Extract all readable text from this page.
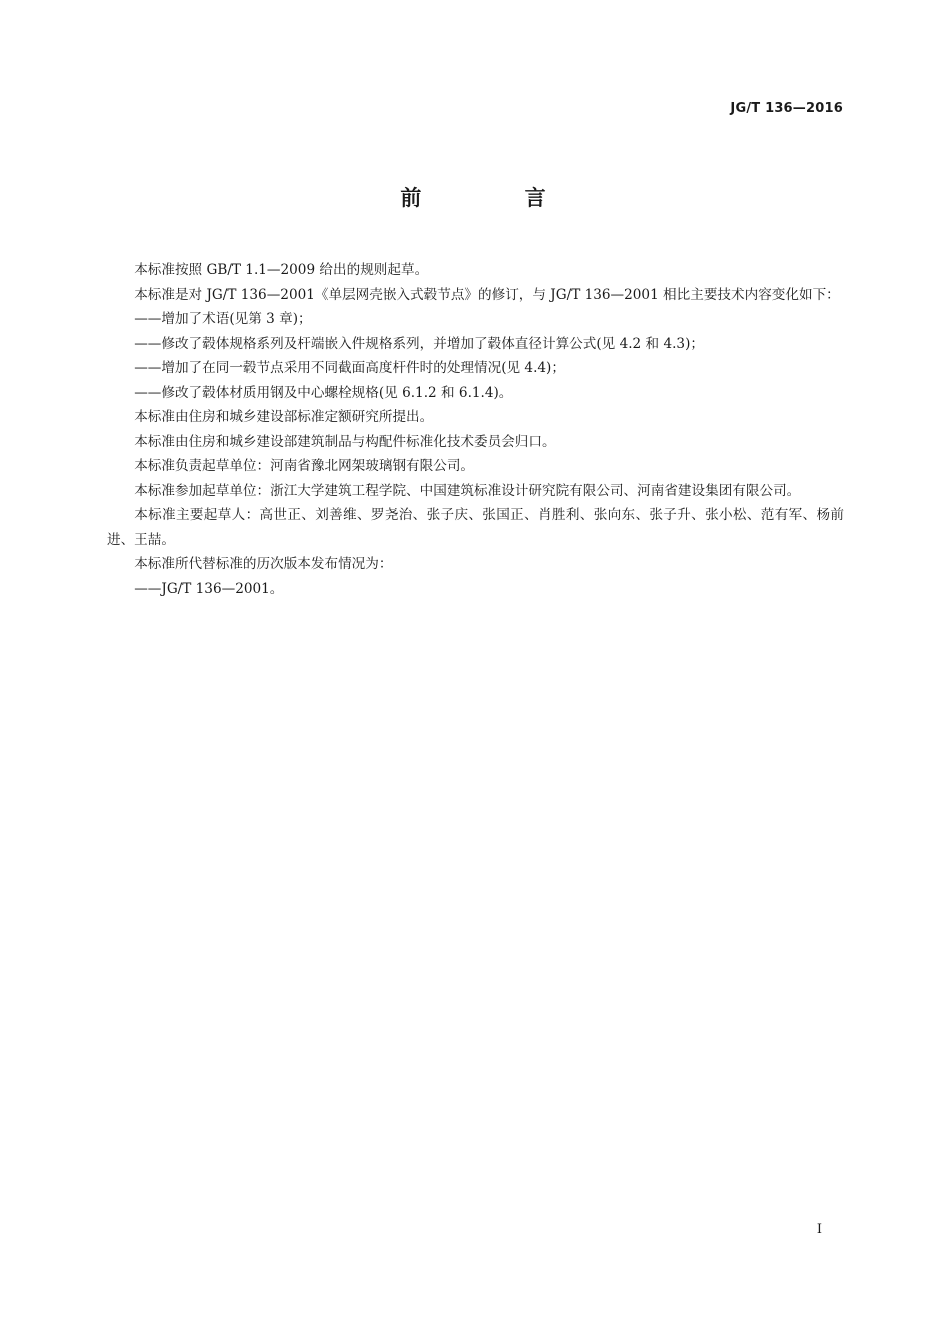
JG/T 136—2016
前 言

本标准按照 GB/T 1.1—2009 给出的规则起草。

本标准是对 JG/T 136—2001《单层网壳嵌入式毂节点》的修订，与 JG/T 136—2001 相比主要技术内容变化如下：

——增加了术语(见第 3 章)；

——修改了毂体规格系列及杆端嵌入件规格系列，并增加了毂体直径计算公式(见 4.2 和 4.3)；

——增加了在同一毂节点采用不同截面高度杆件时的处理情况(见 4.4)；

——修改了毂体材质用钢及中心螺栓规格(见 6.1.2 和 6.1.4)。

本标准由住房和城乡建设部标准定额研究所提出。

本标准由住房和城乡建设部建筑制品与构配件标准化技术委员会归口。

本标准负责起草单位：河南省豫北网架玻璃钢有限公司。

本标准参加起草单位：浙江大学建筑工程学院、中国建筑标准设计研究院有限公司、河南省建设集团有限公司。

本标准主要起草人：高世正、刘善维、罗尧治、张子庆、张国正、肖胜利、张向东、张子升、张小松、范有军、杨前进、王喆。

本标准所代替标准的历次版本发布情况为：

——JG/T 136—2001。

I
